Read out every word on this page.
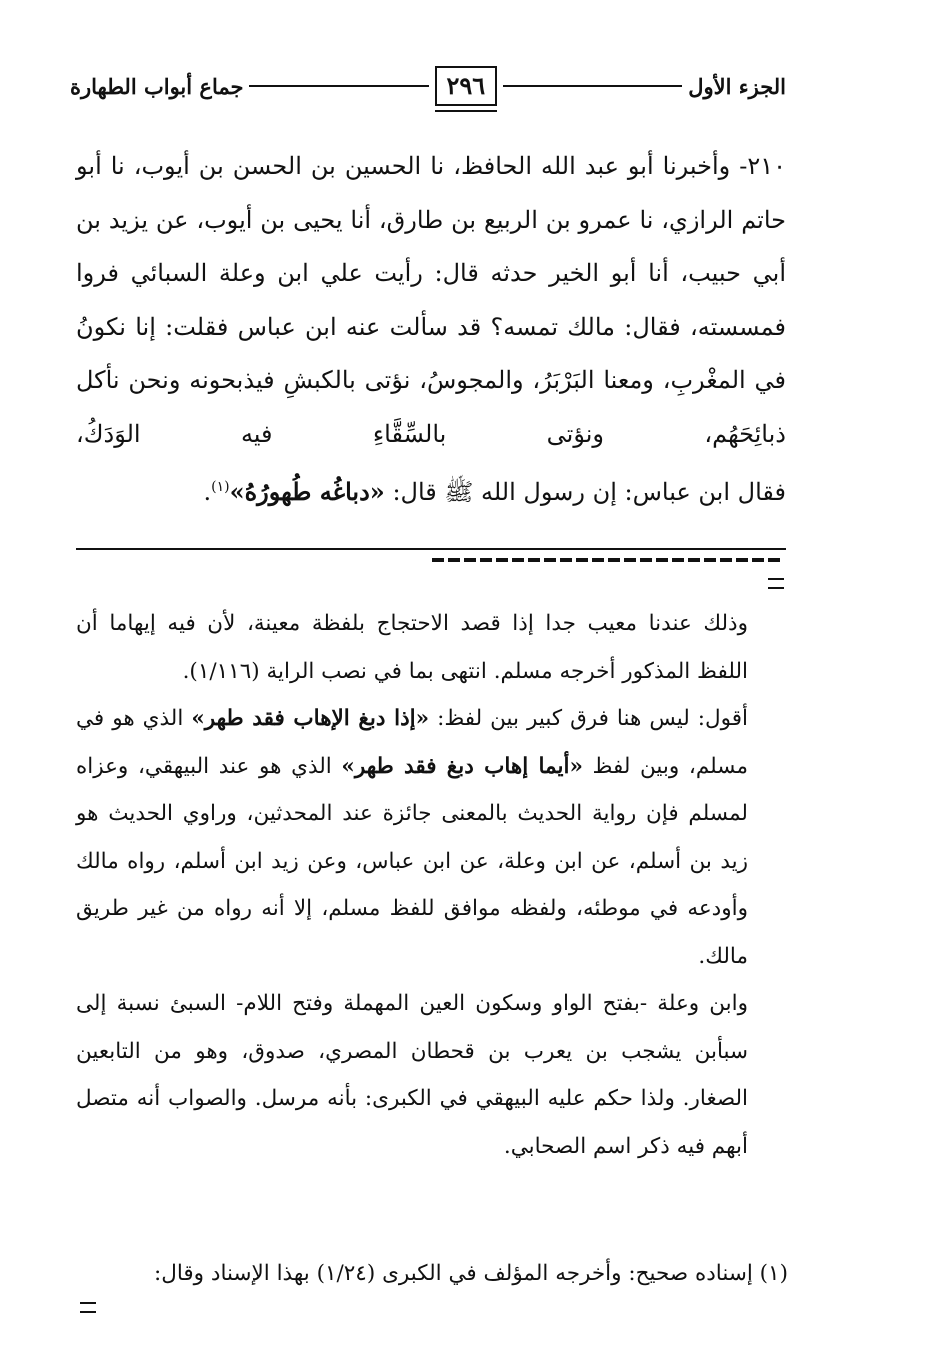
الجزء الأول
٢٩٦
جماع أبواب الطهارة

٢١٠- وأخبرنا أبو عبد الله الحافظ، نا الحسين بن الحسن بن أيوب، نا أبو حاتم الرازي، نا عمرو بن الربيع بن طارق، أنا يحيى بن أيوب، عن يزيد بن أبي حبيب، أنا أبو الخير حدثه قال: رأيت علي ابن وعلة السبائي فروا فمسسته، فقال: مالك تمسه؟ قد سألت عنه ابن عباس فقلت: إنا نكونُ في المغْربِ، ومعنا البَرْبَرُ، والمجوسُ، نؤتى بالكبشِ فيذبحونه ونحن نأكل ذبائِحَهُم، ونؤتى بالسِّقَّاءِ فيه الوَدَكُ،

فقال ابن عباس: إن رسول الله ﷺ قال: «دباغُه طُهورُهُ»$^{(١)}$.

وذلك عندنا معيب جدا إذا قصد الاحتجاج بلفظة معينة، لأن فيه إيهاما أن اللفظ المذكور أخرجه مسلم. انتهى بما في نصب الراية (١/١١٦).

أقول: ليس هنا فرق كبير بين لفظ: «إذا دبغ الإهاب فقد طهر» الذي هو في مسلم، وبين لفظ «أيما إهاب دبغ فقد طهر» الذي هو عند البيهقي، وعزاه لمسلم فإن رواية الحديث بالمعنى جائزة عند المحدثين، وراوي الحديث هو زيد بن أسلم، عن ابن وعلة، عن ابن عباس، وعن زيد ابن أسلم، رواه مالك وأودعه في موطئه، ولفظه موافق للفظ مسلم، إلا أنه رواه من غير طريق مالك.

وابن وعلة -بفتح الواو وسكون العين المهملة وفتح اللام- السبئ نسبة إلى سبأبن يشجب بن يعرب بن قحطان المصري، صدوق، وهو من التابعين الصغار. ولذا حكم عليه البيهقي في الكبرى: بأنه مرسل. والصواب أنه متصل أبهم فيه ذكر اسم الصحابي.

(١) إسناده صحيح: وأخرجه المؤلف في الكبرى (١/٢٤) بهذا الإسناد وقال:
